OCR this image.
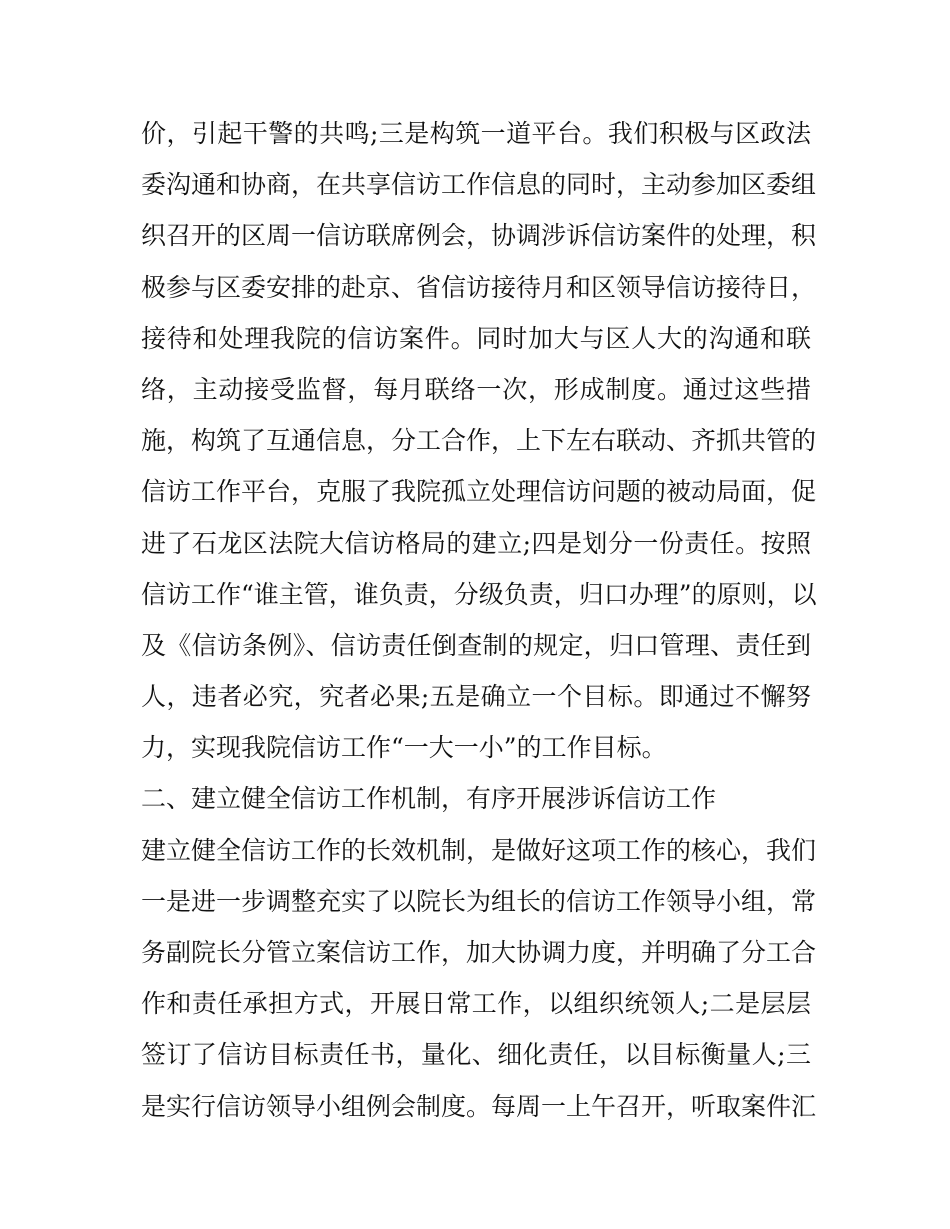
价，引起干警的共鸣;三是构筑一道平台。我们积极与区政法
委沟通和协商，在共享信访工作信息的同时，主动参加区委组
织召开的区周一信访联席例会，协调涉诉信访案件的处理，积
极参与区委安排的赴京、省信访接待月和区领导信访接待日，
接待和处理我院的信访案件。同时加大与区人大的沟通和联
络，主动接受监督，每月联络一次，形成制度。通过这些措
施，构筑了互通信息，分工合作，上下左右联动、齐抓共管的
信访工作平台，克服了我院孤立处理信访问题的被动局面，促
进了石龙区法院大信访格局的建立;四是划分一份责任。按照
信访工作“谁主管，谁负责，分级负责，归口办理”的原则，以
及《信访条例》、信访责任倒查制的规定，归口管理、责任到
人，违者必究，究者必果;五是确立一个目标。即通过不懈努
力，实现我院信访工作“一大一小”的工作目标。
二、建立健全信访工作机制，有序开展涉诉信访工作
建立健全信访工作的长效机制，是做好这项工作的核心，我们
一是进一步调整充实了以院长为组长的信访工作领导小组，常
务副院长分管立案信访工作，加大协调力度，并明确了分工合
作和责任承担方式，开展日常工作，以组织统领人;二是层层
签订了信访目标责任书，量化、细化责任，以目标衡量人;三
是实行信访领导小组例会制度。每周一上午召开，听取案件汇
